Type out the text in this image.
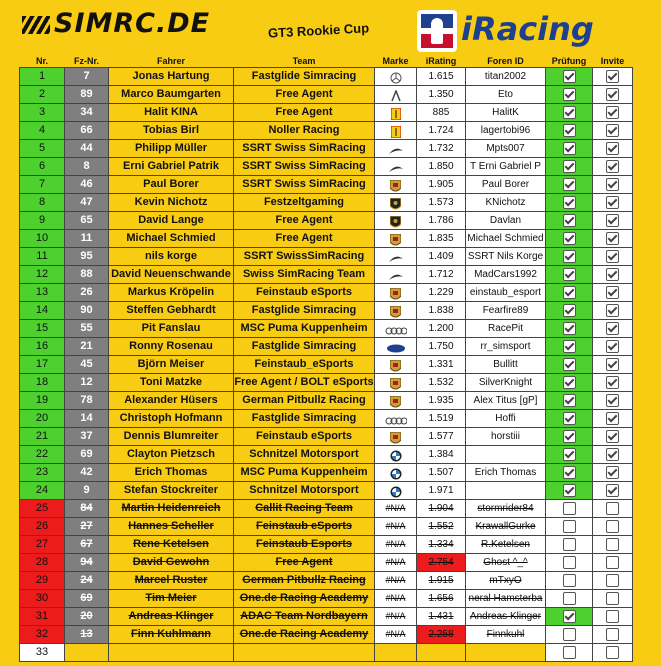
SIMRC.DE	GT3 Rookie Cup	iRacing
Nr.	Fz-Nr.	Fahrer	Team	Marke	iRating	Foren ID	Prüfung	Invite
1	7	Jonas Hartung	Fastglide Simracing		1.615	titan2002		
2	89	Marco Baumgarten	Free Agent		1.350	Eto		
3	34	Halit KINA	Free Agent		885	HalitK		
4	66	Tobias Birl	Noller Racing		1.724	lagertobi96		
5	44	Philipp Müller	SSRT Swiss SimRacing		1.732	Mpts007		
6	8	Erni Gabriel Patrik	SSRT Swiss SimRacing		1.850	T Erni Gabriel P		
7	46	Paul Borer	SSRT Swiss SimRacing		1.905	Paul Borer		
8	47	Kevin Nichotz	Festzeltgaming		1.573	KNichotz		
9	65	David Lange	Free Agent		1.786	Davlan		
10	11	Michael Schmied	Free Agent		1.835	Michael Schmied		
11	95	nils korge	SSRT SwissSimRacing		1.409	SSRT Nils Korge		
12	88	David Neuenschwande	Swiss SimRacing Team		1.712	MadCars1992		
13	26	Markus Kröpelin	Feinstaub eSports		1.229	einstaub_esport		
14	90	Steffen Gebhardt	Fastglide Simracing		1.838	Fearfire89		
15	55	Pit Fanslau	MSC Puma Kuppenheim		1.200	RacePit		
16	21	Ronny Rosenau	Fastglide Simracing		1.750	rr_simsport		
17	45	Björn Meiser	Feinstaub_eSports		1.331	Bullitt		
18	12	Toni Matzke	Free Agent / BOLT eSports		1.532	SilverKnight		
19	78	Alexander Hüsers	German Pitbullz Racing		1.935	Alex Titus [gP]		
20	14	Christoph Hofmann	Fastglide Simracing		1.519	Hoffi		
21	37	Dennis Blumreiter	Feinstaub eSports		1.577	horstiii		
22	69	Clayton Pietzsch	Schnitzel Motorsport		1.384			
23	42	Erich Thomas	MSC Puma Kuppenheim		1.507	Erich Thomas		
24	9	Stefan Stockreiter	Schnitzel Motorsport		1.971			
25	84	Martin Heidenreich	Callit Racing Team	#N/A	1.904	stormrider84		
26	27	Hannes Scheller	Feinstaub eSports	#N/A	1.552	KrawallGurke		
27	67	Rene Ketelsen	Feinstaub Esports	#N/A	1.334	R.Ketelsen		
28	94	David Gewohn	Free Agent	#N/A	2.754	Ghost ^_^		
29	24	Marcel Ruster	German Pitbullz Racing	#N/A	1.915	mTxyO		
30	69	Tim Meier	One.de Racing Academy	#N/A	1.656	neral Hamsterba		
31	20	Andreas Klinger	ADAC Team Nordbayern	#N/A	1.431	Andreas Klinger		
32	13	Finn Kuhlmann	One.de Racing Academy	#N/A	2.258	Finnkuhl		
33								
